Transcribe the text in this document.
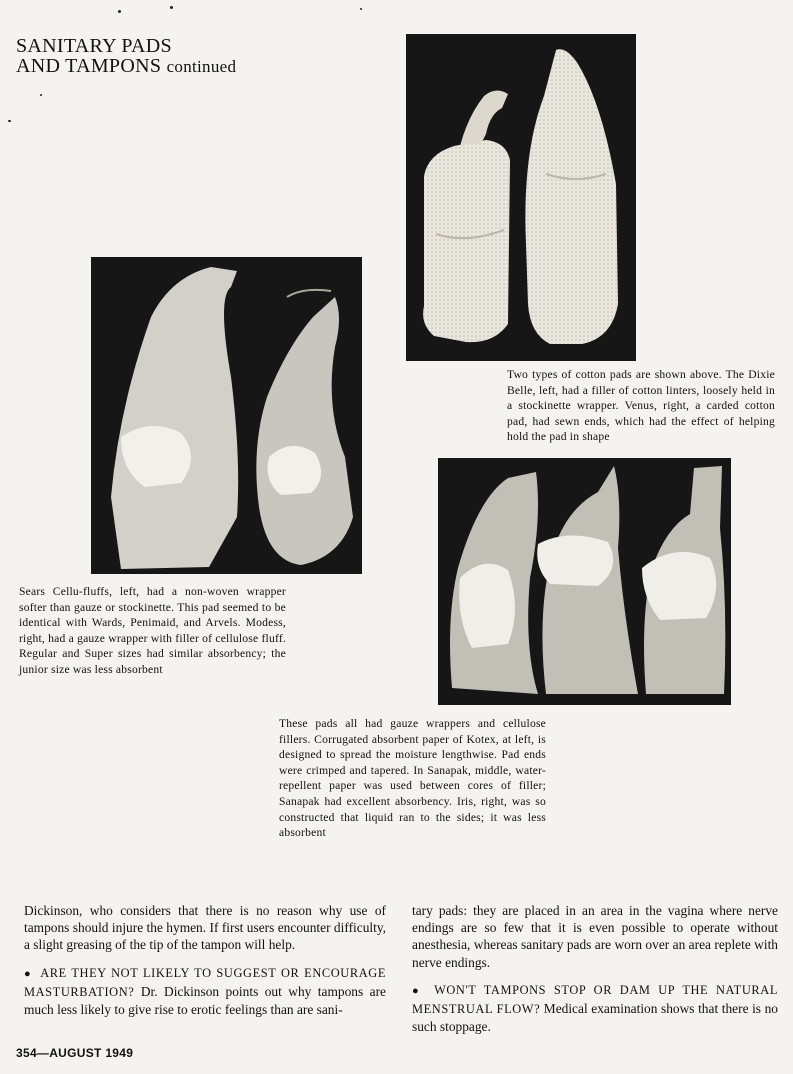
SANITARY PADS
AND TAMPONS continued
Two types of cotton pads are shown above. The Dixie Belle, left, had a filler of cotton linters, loosely held in a stockinette wrapper. Venus, right, a carded cotton pad, had sewn ends, which had the effect of helping hold the pad in shape
Sears Cellu-fluffs, left, had a non-woven wrapper softer than gauze or stockinette. This pad seemed to be identical with Wards, Penimaid, and Arvels. Modess, right, had a gauze wrapper with filler of cellulose fluff. Regular and Super sizes had similar absorbency; the junior size was less absorbent
These pads all had gauze wrappers and cellulose fillers. Corrugated absorbent paper of Kotex, at left, is designed to spread the moisture lengthwise. Pad ends were crimped and tapered. In Sanapak, middle, water-repellent paper was used between cores of filler; Sanapak had excellent absorbency. Iris, right, was so constructed that liquid ran to the sides; it was less absorbent

Dickinson, who considers that there is no reason why use of tampons should injure the hymen. If first users encounter difficulty, a slight greasing of the tip of the tampon will help.

● ARE THEY NOT LIKELY TO SUGGEST OR ENCOURAGE MASTURBATION? Dr. Dickinson points out why tampons are much less likely to give rise to erotic feelings than are sani-

tary pads: they are placed in an area in the vagina where nerve endings are so few that it is even possible to operate without anesthesia, whereas sanitary pads are worn over an area replete with nerve endings.

● WON'T TAMPONS STOP OR DAM UP THE NATURAL MENSTRUAL FLOW? Medical examination shows that there is no such stoppage.

354—AUGUST 1949
